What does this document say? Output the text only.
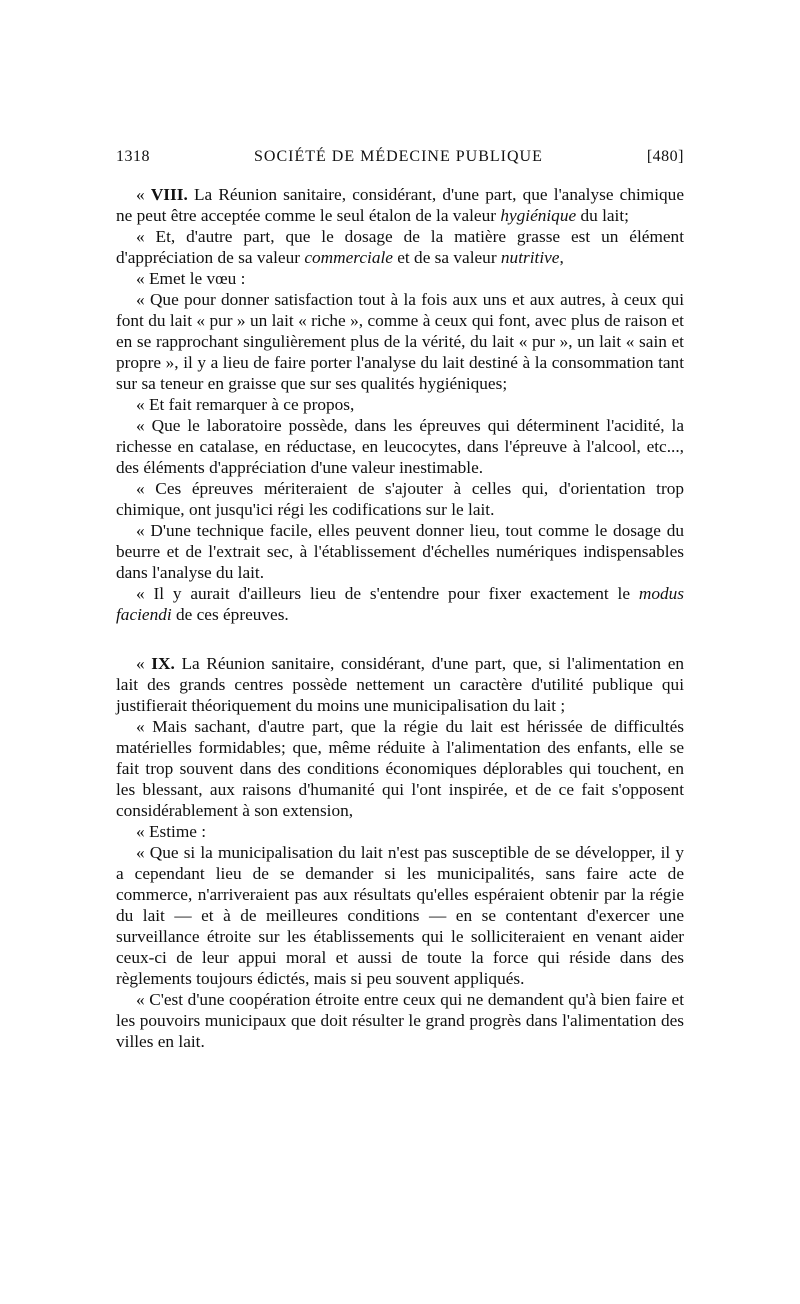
1318	SOCIÉTÉ DE MÉDECINE PUBLIQUE	[480]

« VIII. La Réunion sanitaire, considérant, d'une part, que l'analyse chimique ne peut être acceptée comme le seul étalon de la valeur hygiénique du lait;

« Et, d'autre part, que le dosage de la matière grasse est un élément d'appréciation de sa valeur commerciale et de sa valeur nutritive,

« Emet le vœu :

« Que pour donner satisfaction tout à la fois aux uns et aux autres, à ceux qui font du lait « pur » un lait « riche », comme à ceux qui font, avec plus de raison et en se rapprochant singulièrement plus de la vérité, du lait « pur », un lait « sain et propre », il y a lieu de faire porter l'analyse du lait destiné à la consommation tant sur sa teneur en graisse que sur ses qualités hygiéniques;

« Et fait remarquer à ce propos,

« Que le laboratoire possède, dans les épreuves qui déterminent l'acidité, la richesse en catalase, en réductase, en leucocytes, dans l'épreuve à l'alcool, etc..., des éléments d'appréciation d'une valeur inestimable.

« Ces épreuves mériteraient de s'ajouter à celles qui, d'orientation trop chimique, ont jusqu'ici régi les codifications sur le lait.

« D'une technique facile, elles peuvent donner lieu, tout comme le dosage du beurre et de l'extrait sec, à l'établissement d'échelles numériques indispensables dans l'analyse du lait.

« Il y aurait d'ailleurs lieu de s'entendre pour fixer exactement le modus faciendi de ces épreuves.

« IX. La Réunion sanitaire, considérant, d'une part, que, si l'alimentation en lait des grands centres possède nettement un caractère d'utilité publique qui justifierait théoriquement du moins une municipalisation du lait ;

« Mais sachant, d'autre part, que la régie du lait est hérissée de difficultés matérielles formidables; que, même réduite à l'alimentation des enfants, elle se fait trop souvent dans des conditions économiques déplorables qui touchent, en les blessant, aux raisons d'humanité qui l'ont inspirée, et de ce fait s'opposent considérablement à son extension,

« Estime :

« Que si la municipalisation du lait n'est pas susceptible de se développer, il y a cependant lieu de se demander si les municipalités, sans faire acte de commerce, n'arriveraient pas aux résultats qu'elles espéraient obtenir par la régie du lait — et à de meilleures conditions — en se contentant d'exercer une surveillance étroite sur les établissements qui le solliciteraient en venant aider ceux-ci de leur appui moral et aussi de toute la force qui réside dans des règlements toujours édictés, mais si peu souvent appliqués.

« C'est d'une coopération étroite entre ceux qui ne demandent qu'à bien faire et les pouvoirs municipaux que doit résulter le grand progrès dans l'alimentation des villes en lait.
